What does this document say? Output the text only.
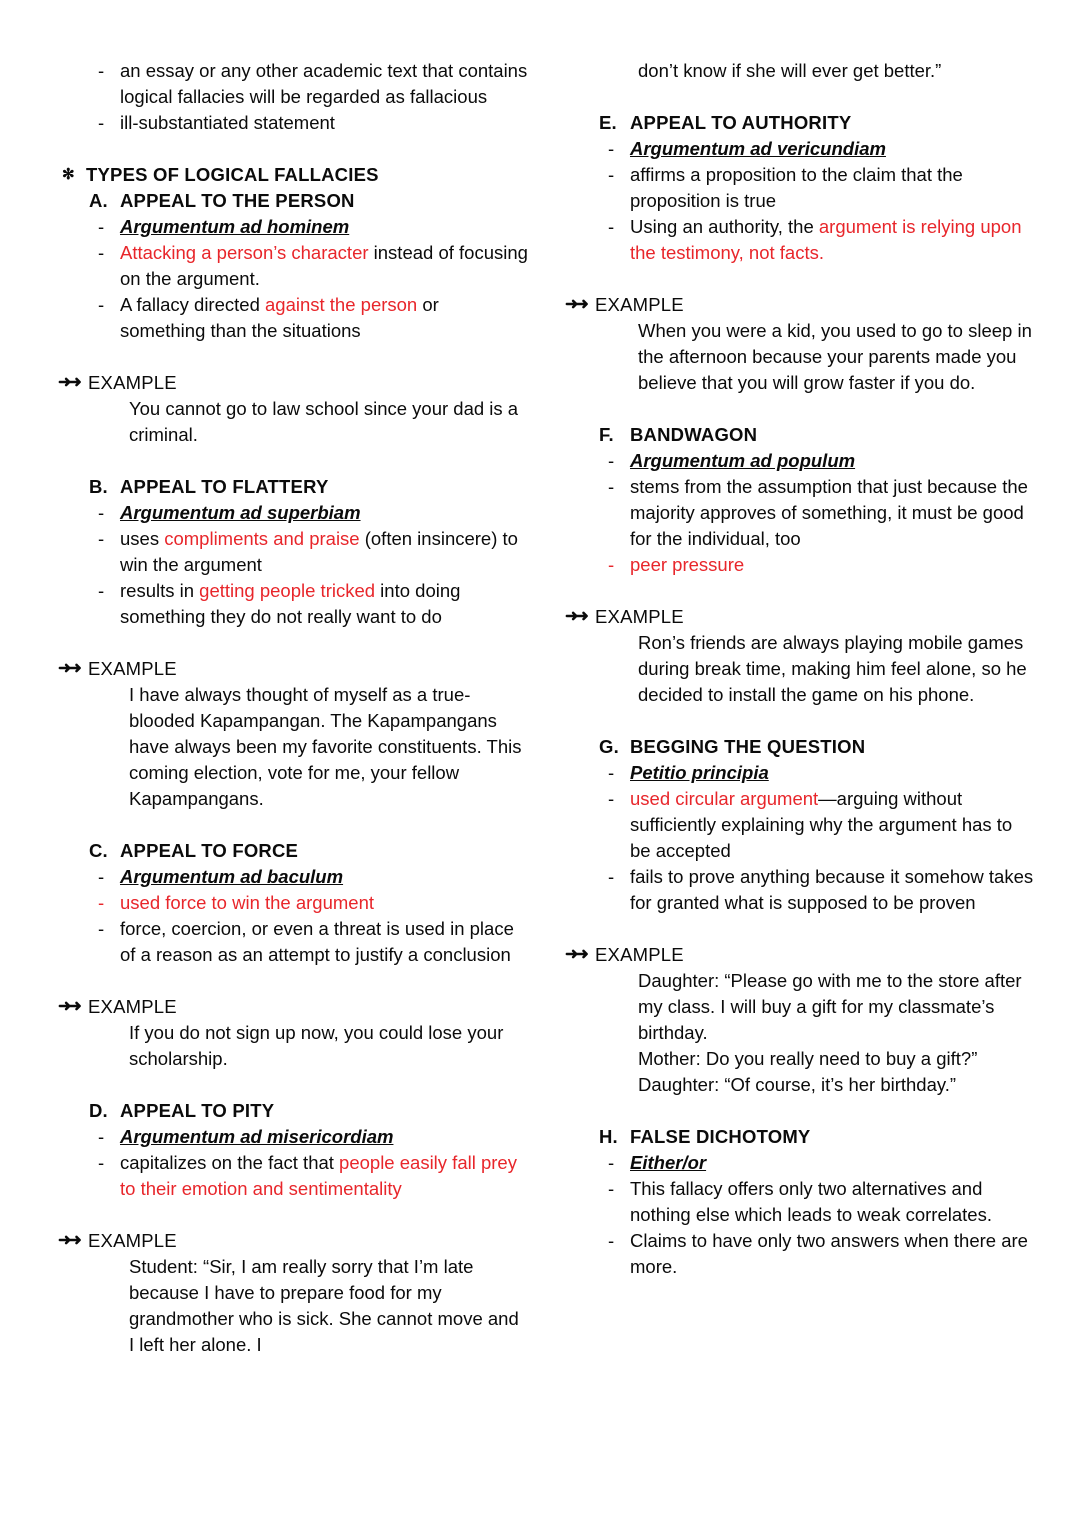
- an essay or any other academic text that contains logical fallacies will be regarded as fallacious
- ill-substantiated statement
✻ TYPES OF LOGICAL FALLACIES
A. APPEAL TO THE PERSON
- Argumentum ad hominem
- Attacking a person’s character instead of focusing on the argument.
- A fallacy directed against the person or something than the situations
➜➜ EXAMPLE
You cannot go to law school since your dad is a criminal.
B. APPEAL TO FLATTERY
- Argumentum ad superbiam
- uses compliments and praise (often insincere) to win the argument
- results in getting people tricked into doing something they do not really want to do
➜➜ EXAMPLE
I have always thought of myself as a true-blooded Kapampangan. The Kapampangans have always been my favorite constituents. This coming election, vote for me, your fellow Kapampangans.
C. APPEAL TO FORCE
- Argumentum ad baculum
- used force to win the argument
- force, coercion, or even a threat is used in place of a reason as an attempt to justify a conclusion
➜➜ EXAMPLE
If you do not sign up now, you could lose your scholarship.
D. APPEAL TO PITY
- Argumentum ad misericordiam
- capitalizes on the fact that people easily fall prey to their emotion and sentimentality
➜➜ EXAMPLE
Student: “Sir, I am really sorry that I’m late because I have to prepare food for my grandmother who is sick. She cannot move and I left her alone. I
don’t know if she will ever get better.”
E. APPEAL TO AUTHORITY
- Argumentum ad vericundiam
- affirms a proposition to the claim that the proposition is true
- Using an authority, the argument is relying upon the testimony, not facts.
➜➜ EXAMPLE
When you were a kid, you used to go to sleep in the afternoon because your parents made you believe that you will grow faster if you do.
F. BANDWAGON
- Argumentum ad populum
- stems from the assumption that just because the majority approves of something, it must be good for the individual, too
- peer pressure
➜➜ EXAMPLE
Ron’s friends are always playing mobile games during break time, making him feel alone, so he decided to install the game on his phone.
G. BEGGING THE QUESTION
- Petitio principia
- used circular argument—arguing without sufficiently explaining why the argument has to be accepted
- fails to prove anything because it somehow takes for granted what is supposed to be proven
➜➜ EXAMPLE
Daughter: “Please go with me to the store after my class. I will buy a gift for my classmate’s birthday.
Mother: Do you really need to buy a gift?”
Daughter: “Of course, it’s her birthday.”
H. FALSE DICHOTOMY
- Either/or
- This fallacy offers only two alternatives and nothing else which leads to weak correlates.
- Claims to have only two answers when there are more.
